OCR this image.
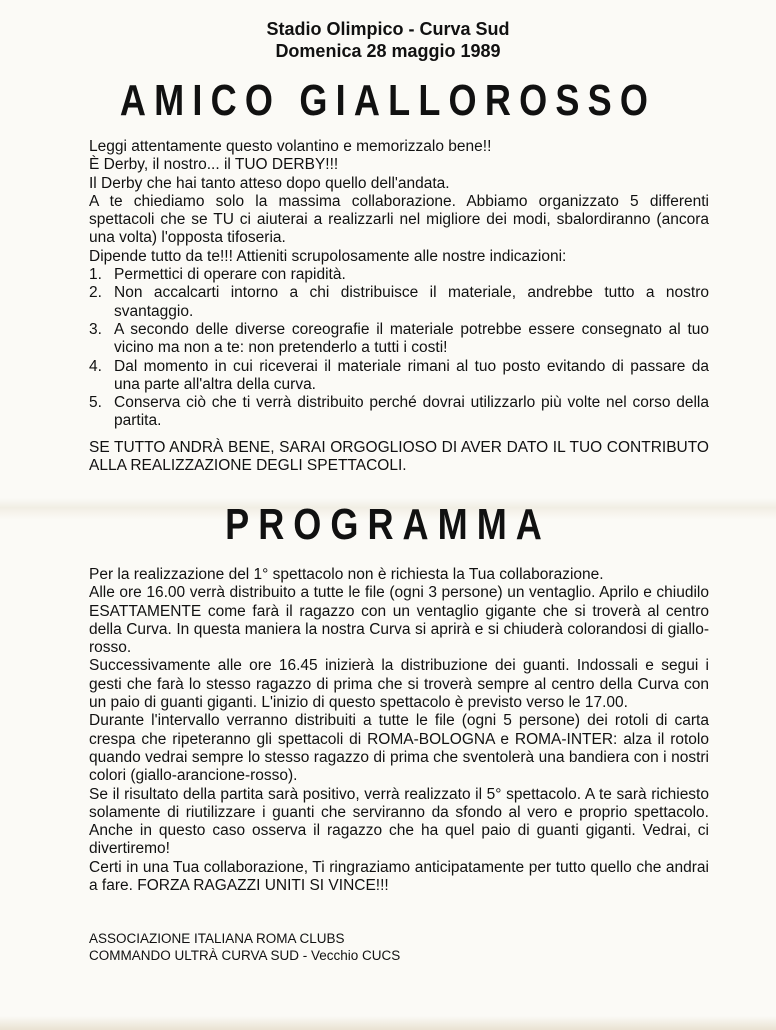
Stadio Olimpico - Curva Sud
Domenica 28 maggio 1989
AMICO GIALLOROSSO

Leggi attentamente questo volantino e memorizzalo bene!!

È Derby, il nostro... il TUO DERBY!!!

Il Derby che hai tanto atteso dopo quello dell'andata.

A te chiediamo solo la massima collaborazione. Abbiamo organizzato 5 differenti spettacoli che se TU ci aiuterai a realizzarli nel migliore dei modi, sbalordiranno (ancora una volta) l'opposta tifoseria.

Dipende tutto da te!!! Attieniti scrupolosamente alle nostre indicazioni:

1. Permettici di operare con rapidità.
2. Non accalcarti intorno a chi distribuisce il materiale, andrebbe tutto a nostro svantaggio.
3. A secondo delle diverse coreografie il materiale potrebbe essere consegnato al tuo vicino ma non a te: non pretenderlo a tutti i costi!
4. Dal momento in cui riceverai il materiale rimani al tuo posto evitando di passare da una parte all'altra della curva.
5. Conserva ciò che ti verrà distribuito perché dovrai utilizzarlo più volte nel corso della partita.

SE TUTTO ANDRÀ BENE, SARAI ORGOGLIOSO DI AVER DATO IL TUO CONTRIBUTO ALLA REALIZZAZIONE DEGLI SPETTACOLI.

PROGRAMMA

Per la realizzazione del 1° spettacolo non è richiesta la Tua collaborazione.

Alle ore 16.00 verrà distribuito a tutte le file (ogni 3 persone) un ventaglio. Aprilo e chiudilo ESATTAMENTE come farà il ragazzo con un ventaglio gigante che si troverà al centro della Curva. In questa maniera la nostra Curva si aprirà e si chiuderà colorandosi di giallo-rosso.

Successivamente alle ore 16.45 inizierà la distribuzione dei guanti. Indossali e segui i gesti che farà lo stesso ragazzo di prima che si troverà sempre al centro della Curva con un paio di guanti giganti. L'inizio di questo spettacolo è previsto verso le 17.00.

Durante l'intervallo verranno distribuiti a tutte le file (ogni 5 persone) dei rotoli di carta crespa che ripeteranno gli spettacoli di ROMA-BOLOGNA e ROMA-INTER: alza il rotolo quando vedrai sempre lo stesso ragazzo di prima che sventolerà una bandiera con i nostri colori (giallo-arancione-rosso).

Se il risultato della partita sarà positivo, verrà realizzato il 5° spettacolo. A te sarà richiesto solamente di riutilizzare i guanti che serviranno da sfondo al vero e proprio spettacolo. Anche in questo caso osserva il ragazzo che ha quel paio di guanti giganti. Vedrai, ci divertiremo!

Certi in una Tua collaborazione, Ti ringraziamo anticipatamente per tutto quello che andrai a fare. FORZA RAGAZZI UNITI SI VINCE!!!

ASSOCIAZIONE ITALIANA ROMA CLUBS
COMMANDO ULTRÀ CURVA SUD - Vecchio CUCS
